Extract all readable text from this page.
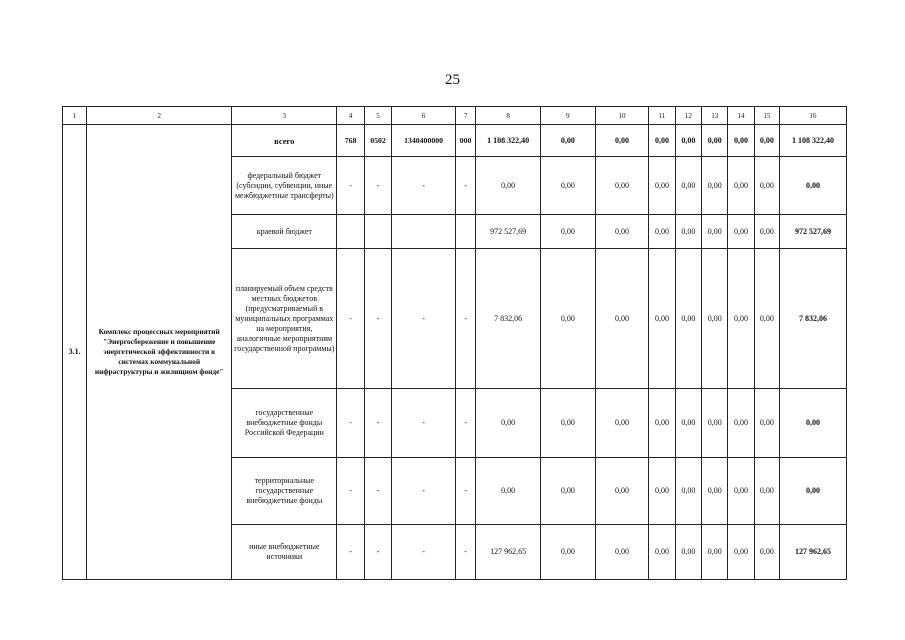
25
1	2	3	4	5	6	7	8	9	10	11	12	13	14	15	16
3.1.	Комплекс процессных мероприятий "Энергосбережение и повышение энергетической эффективности в системах коммунальной инфраструктуры и жилищном фонде"	всего	768	0502	1340400000	000	1 108 322,40	0,00	0,00	0,00	0,00	0,00	0,00	0,00	1 108 322,40
		федеральный бюджет (субсидии, субвенции, иные межбюджетные трансферты)	-	-	-	-	0,00	0,00	0,00	0,00	0,00	0,00	0,00	0,00	0,00
		краевой бюджет					972 527,69	0,00	0,00	0,00	0,00	0,00	0,00	0,00	972 527,69
		планируемый объем средств местных бюджетов (предусматриваемый в муниципальных программах на мероприятия, аналогичные мероприятиям государственной программы)	-	-	-	-	7 832,06	0,00	0,00	0,00	0,00	0,00	0,00	0,00	7 832,06
		государственные внебюджетные фонды Российской Федерации	-	-	-	-	0,00	0,00	0,00	0,00	0,00	0,00	0,00	0,00	0,00
		территориальные государственные внебюджетные фонды	-	-	-	-	0,00	0,00	0,00	0,00	0,00	0,00	0,00	0,00	0,00
		иные внебюджетные источники	-	-	-	-	127 962,65	0,00	0,00	0,00	0,00	0,00	0,00	0,00	127 962,65
